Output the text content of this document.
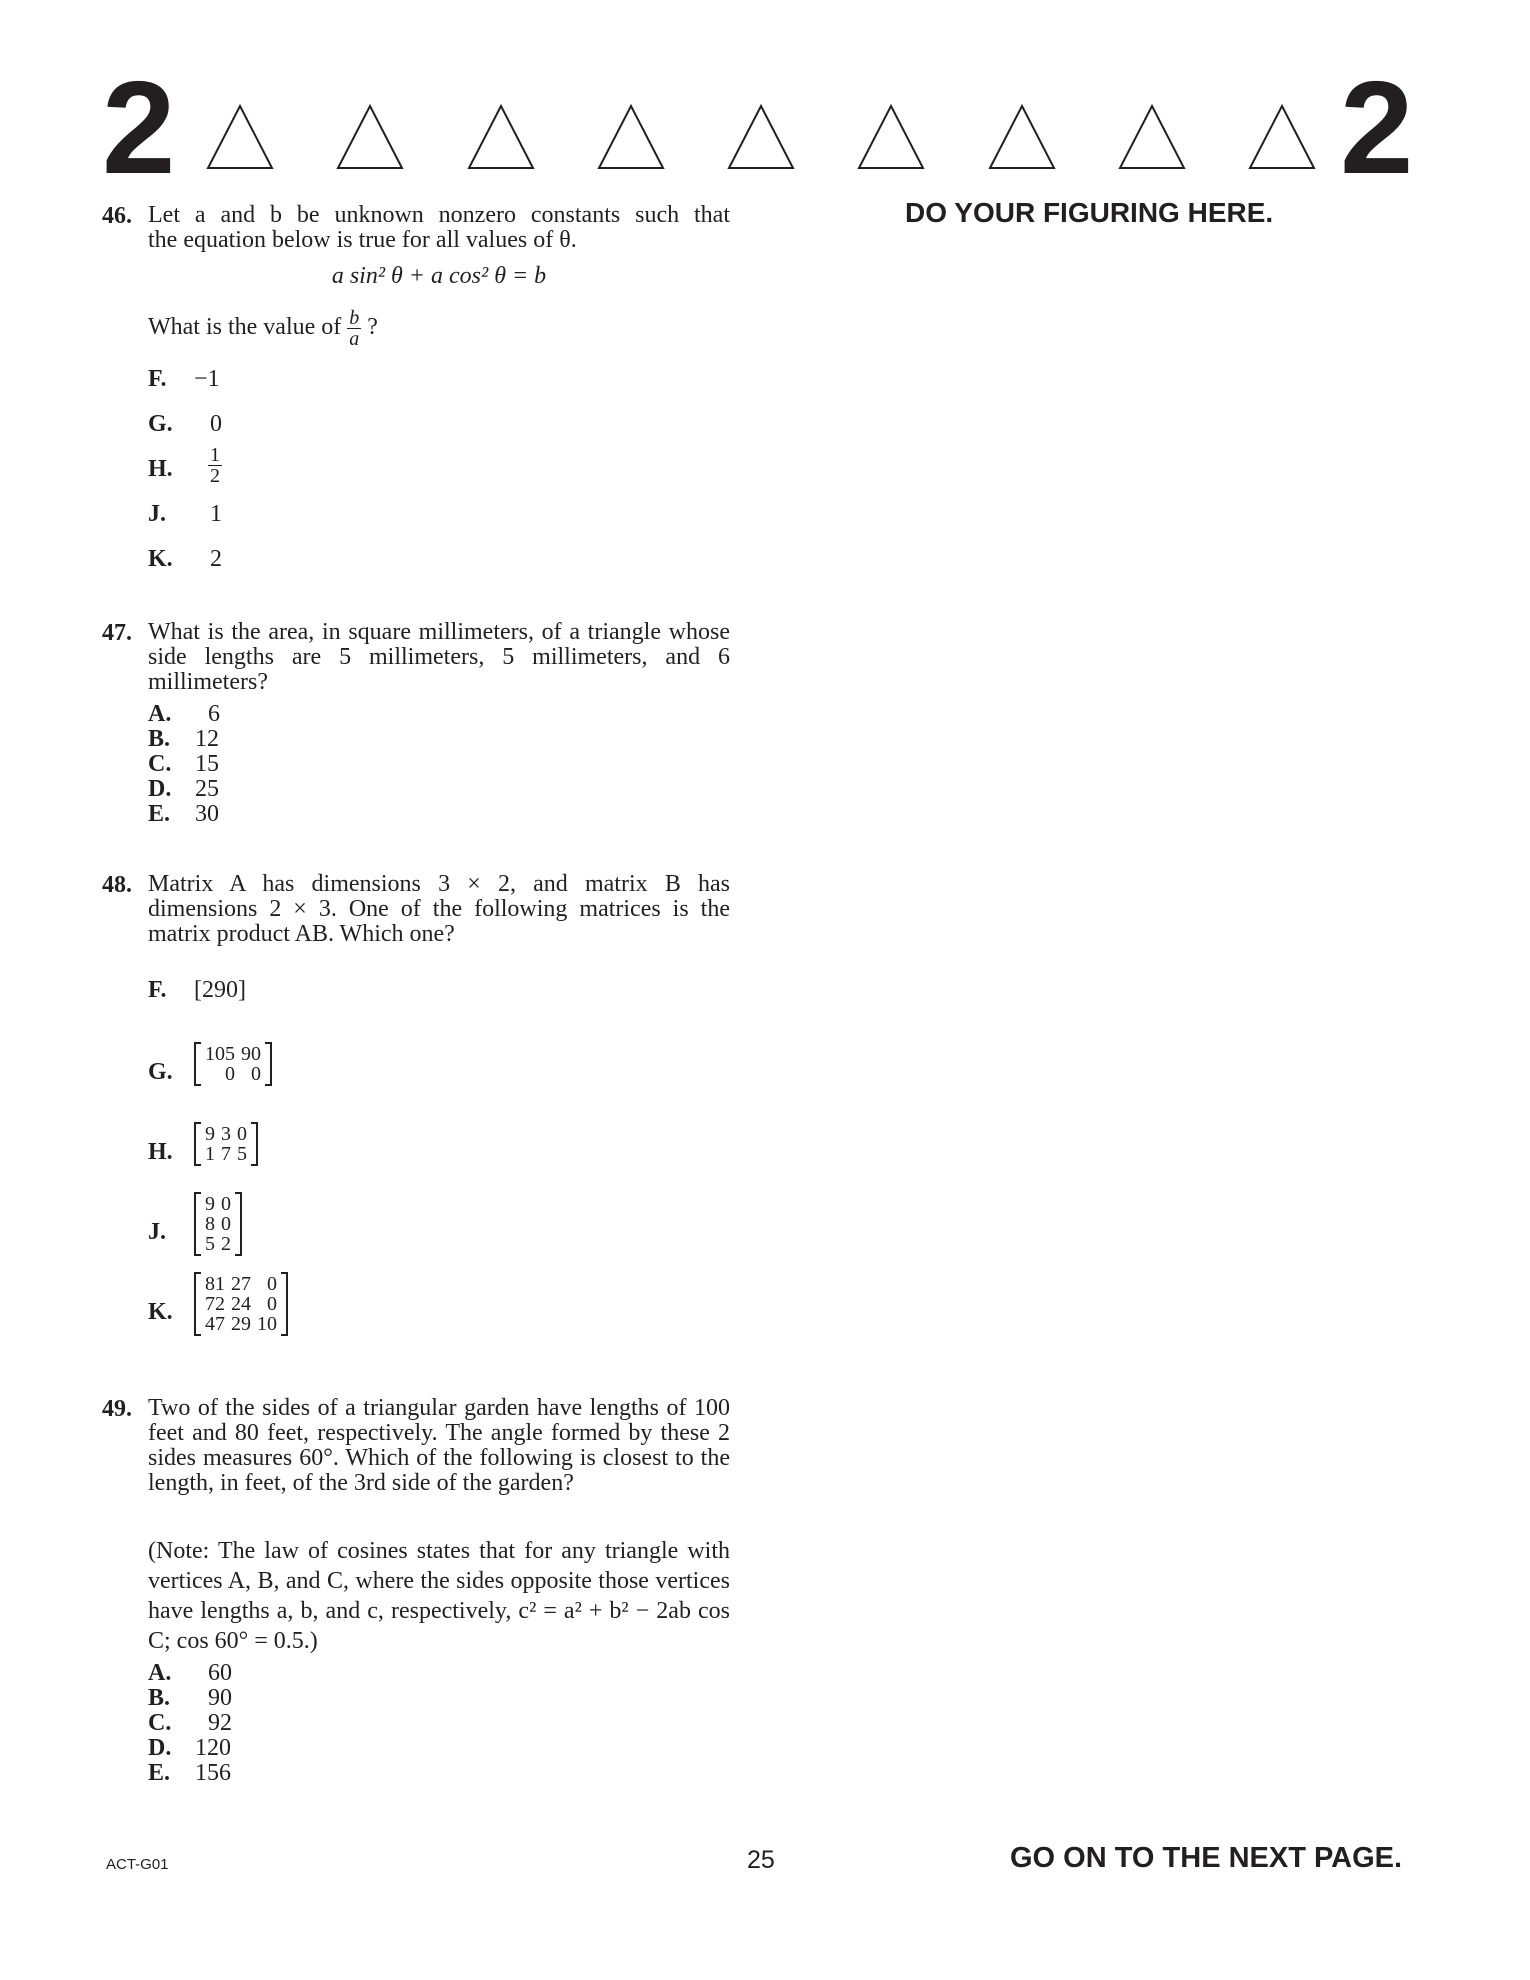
2	2
DO YOUR FIGURING HERE.
46. Let a and b be unknown nonzero constants such that
the equation below is true for all values of θ.
a sin² θ + a cos² θ = b
What is the value of $\frac{b}{a}$ ?
F. −1
G. 0
H. $\frac{1}{2}$
J. 1
K. 2
47. What is the area, in square millimeters, of a triangle whose side lengths are 5 millimeters, 5 millimeters, and 6 millimeters?
A. 6
B. 12
C. 15
D. 25
E. 30
48. Matrix A has dimensions 3 × 2, and matrix B has dimensions 2 × 3. One of the following matrices is the matrix product AB. Which one?
F. [290]
G.
105	90
0	0
H.
9	3	0
1	7	5
J.
9	0
8	0
5	2
K.
81	27	0
72	24	0
47	29	10
49. Two of the sides of a triangular garden have lengths of 100 feet and 80 feet, respectively. The angle formed by these 2 sides measures 60°. Which of the following is closest to the length, in feet, of the 3rd side of the garden?
(Note: The law of cosines states that for any triangle with vertices A, B, and C, where the sides opposite those vertices have lengths a, b, and c, respectively, c² = a² + b² − 2ab cos C; cos 60° = 0.5.)
A. 60
B. 90
C. 92
D. 120
E. 156
ACT-G01	25	GO ON TO THE NEXT PAGE.
